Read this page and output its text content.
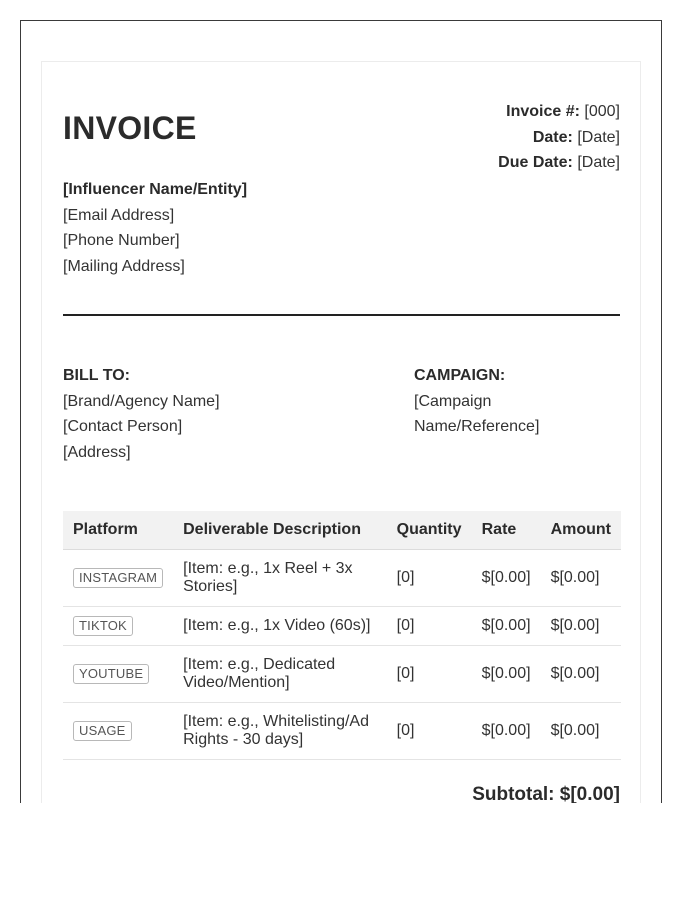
INVOICE	Invoice #: [000]
Date: [Date]
Due Date: [Date]
[Influencer Name/Entity]
[Email Address]
[Phone Number]
[Mailing Address]
BILL TO:
[Brand/Agency Name]
[Contact Person]
[Address]
CAMPAIGN:
[Campaign Name/Reference]
Platform	Deliverable Description	Quantity	Rate	Amount
INSTAGRAM	[Item: e.g., 1x Reel + 3x Stories]	[0]	$[0.00]	$[0.00]
TIKTOK	[Item: e.g., 1x Video (60s)]	[0]	$[0.00]	$[0.00]
YOUTUBE	[Item: e.g., Dedicated Video/Mention]	[0]	$[0.00]	$[0.00]
USAGE	[Item: e.g., Whitelisting/Ad Rights - 30 days]	[0]	$[0.00]	$[0.00]
Subtotal: $[0.00]
